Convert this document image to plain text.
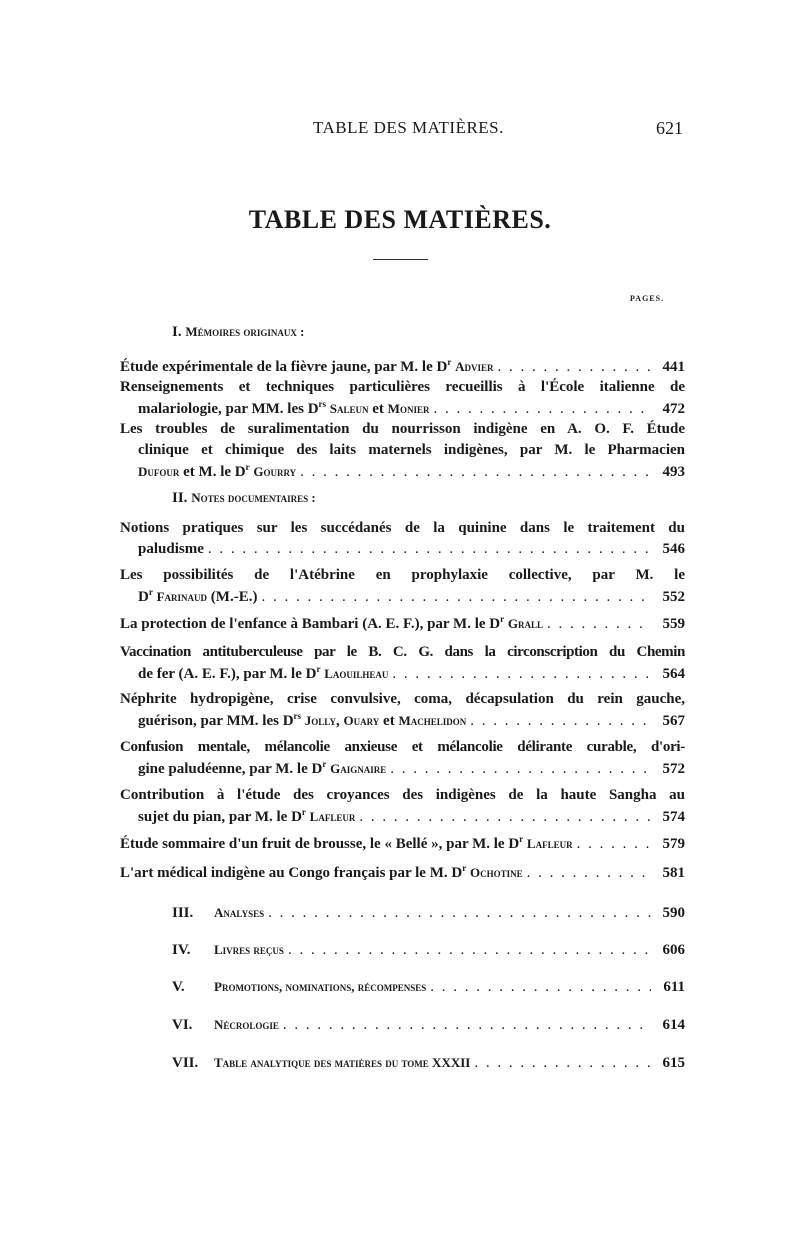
TABLE DES MATIÈRES.	621
TABLE DES MATIÈRES.
PAGES.
I. Mémoires originaux :
Étude expérimentale de la fièvre jaune, par M. le $D^r$ Advier . . .	441
Renseignements et techniques particulières recueillis à l'École italienne de
malariologie, par MM. les $D^{rs}$ Saleun et Monier . . .	472
Les troubles de suralimentation du nourrisson indigène en A. O. F. Étude
clinique et chimique des laits maternels indigènes, par M. le Pharmacien
Dufour et M. le $D^r$ Gourry . . .	493
II. Notes documentaires :
Notions pratiques sur les succédanés de la quinine dans le traitement du
paludisme . . .	546
Les possibilités de l'Atébrine en prophylaxie collective, par M. le
$D^r$ Farinaud (M.-E.) . . .	552
La protection de l'enfance à Bambari (A. E. F.), par M. le $D^r$ Grall . . .	559
Vaccination antituberculeuse par le B. C. G. dans la circonscription du Chemin
de fer (A. E. F.), par M. le $D^r$ Laouilheau . . .	564
Néphrite hydropigène, crise convulsive, coma, décapsulation du rein gauche,
guérison, par MM. les $D^{rs}$ Jolly, Ouary et Machelidon . . .	567
Confusion mentale, mélancolie anxieuse et mélancolie délirante curable, d'ori-
gine paludéenne, par M. le $D^r$ Gaignaire . . .	572
Contribution à l'étude des croyances des indigènes de la haute Sangha au
sujet du pian, par M. le $D^r$ Lafleur . . .	574
Étude sommaire d'un fruit de brousse, le « Bellé », par M. le $D^r$ Lafleur . . .	579
L'art médical indigène au Congo français par le M. $D^r$ Ochotine . . .	581
III. Analyses . . .	590
IV. Livres reçus . . .	606
V. Promotions, nominations, récompenses . . .	611
VI. Nécrologie . . .	614
VII. Table analytique des matières du tome XXXII . . .	615
